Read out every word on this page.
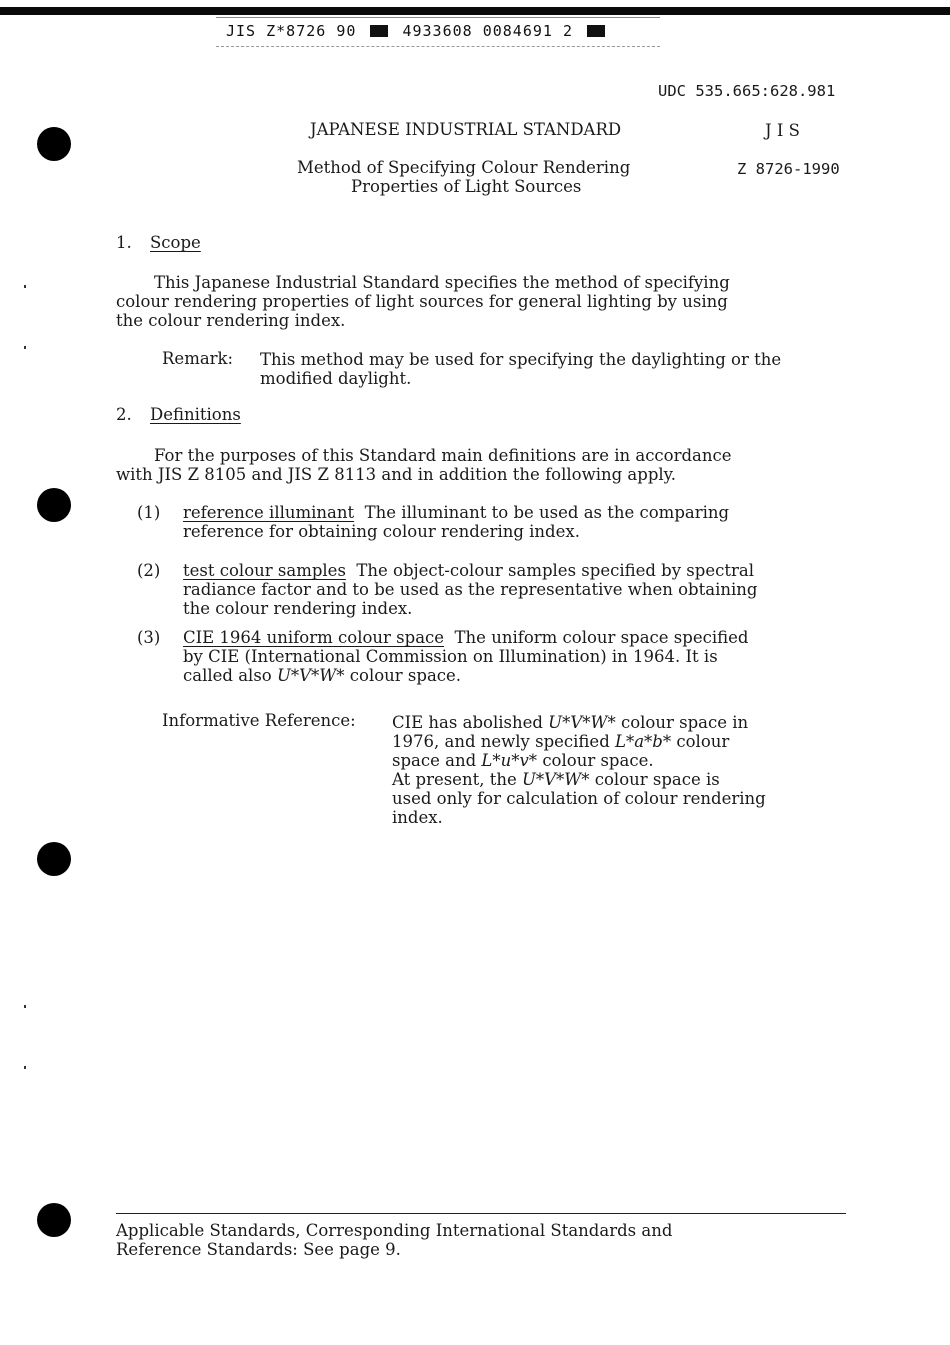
JIS Z*8726 90	4933608 0084691 2
UDC 535.665:628.981
JAPANESE INDUSTRIAL STANDARD	J I S
Method of Specifying Colour Rendering
Properties of Light Sources
Z 8726-1990
1. Scope
This Japanese Industrial Standard specifies the method of specifying
colour rendering properties of light sources for general lighting by using
the colour rendering index.
Remark: This method may be used for specifying the daylighting or the
modified daylight.
2. Definitions
For the purposes of this Standard main definitions are in accordance
with JIS Z 8105 and JIS Z 8113 and in addition the following apply.
(1) reference illuminant The illuminant to be used as the comparing
reference for obtaining colour rendering index.
(2) test colour samples The object-colour samples specified by spectral
radiance factor and to be used as the representative when obtaining
the colour rendering index.
(3) CIE 1964 uniform colour space The uniform colour space specified
by CIE (International Commission on Illumination) in 1964. It is
called also U*V*W* colour space.
Informative Reference: CIE has abolished U*V*W* colour space in
1976, and newly specified L*a*b* colour
space and L*u*v* colour space.
At present, the U*V*W* colour space is
used only for calculation of colour rendering
index.
Applicable Standards, Corresponding International Standards and
Reference Standards: See page 9.
